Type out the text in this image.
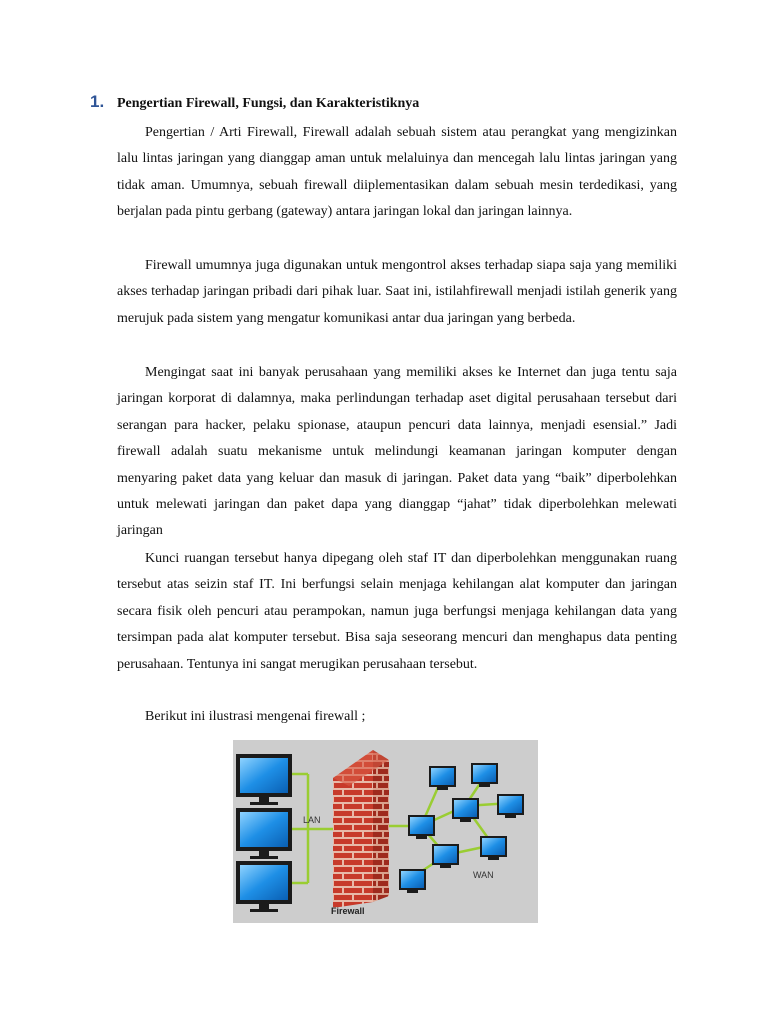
1. Pengertian Firewall, Fungsi, dan Karakteristiknya

Pengertian / Arti Firewall, Firewall adalah sebuah sistem atau perangkat yang mengizinkan lalu lintas jaringan yang dianggap aman untuk melaluinya dan mencegah lalu lintas jaringan yang tidak aman. Umumnya, sebuah firewall diiplementasikan dalam sebuah mesin terdedikasi, yang berjalan pada pintu gerbang (gateway) antara jaringan lokal dan jaringan lainnya.

Firewall umumnya juga digunakan untuk mengontrol akses terhadap siapa saja yang memiliki akses terhadap jaringan pribadi dari pihak luar. Saat ini, istilahfirewall menjadi istilah generik yang merujuk pada sistem yang mengatur komunikasi antar dua jaringan yang berbeda.

Mengingat saat ini banyak perusahaan yang memiliki akses ke Internet dan juga tentu saja jaringan korporat di dalamnya, maka perlindungan terhadap aset digital perusahaan tersebut dari serangan para hacker, pelaku spionase, ataupun pencuri data lainnya, menjadi esensial.” Jadi firewall adalah suatu mekanisme untuk melindungi keamanan jaringan komputer dengan menyaring paket data yang keluar dan masuk di jaringan. Paket data yang “baik” diperbolehkan untuk melewati jaringan dan paket dapa yang dianggap “jahat” tidak diperbolehkan melewati jaringan

Kunci ruangan tersebut hanya dipegang oleh staf IT dan diperbolehkan menggunakan ruang tersebut atas seizin staf IT. Ini berfungsi selain menjaga kehilangan alat komputer dan jaringan secara fisik oleh pencuri atau perampokan, namun juga berfungsi menjaga kehilangan data yang tersimpan pada alat komputer tersebut. Bisa saja seseorang mencuri dan menghapus data penting perusahaan. Tentunya ini sangat merugikan perusahaan tersebut.

Berikut ini ilustrasi mengenai firewall ;

LAN
Firewall
WAN
